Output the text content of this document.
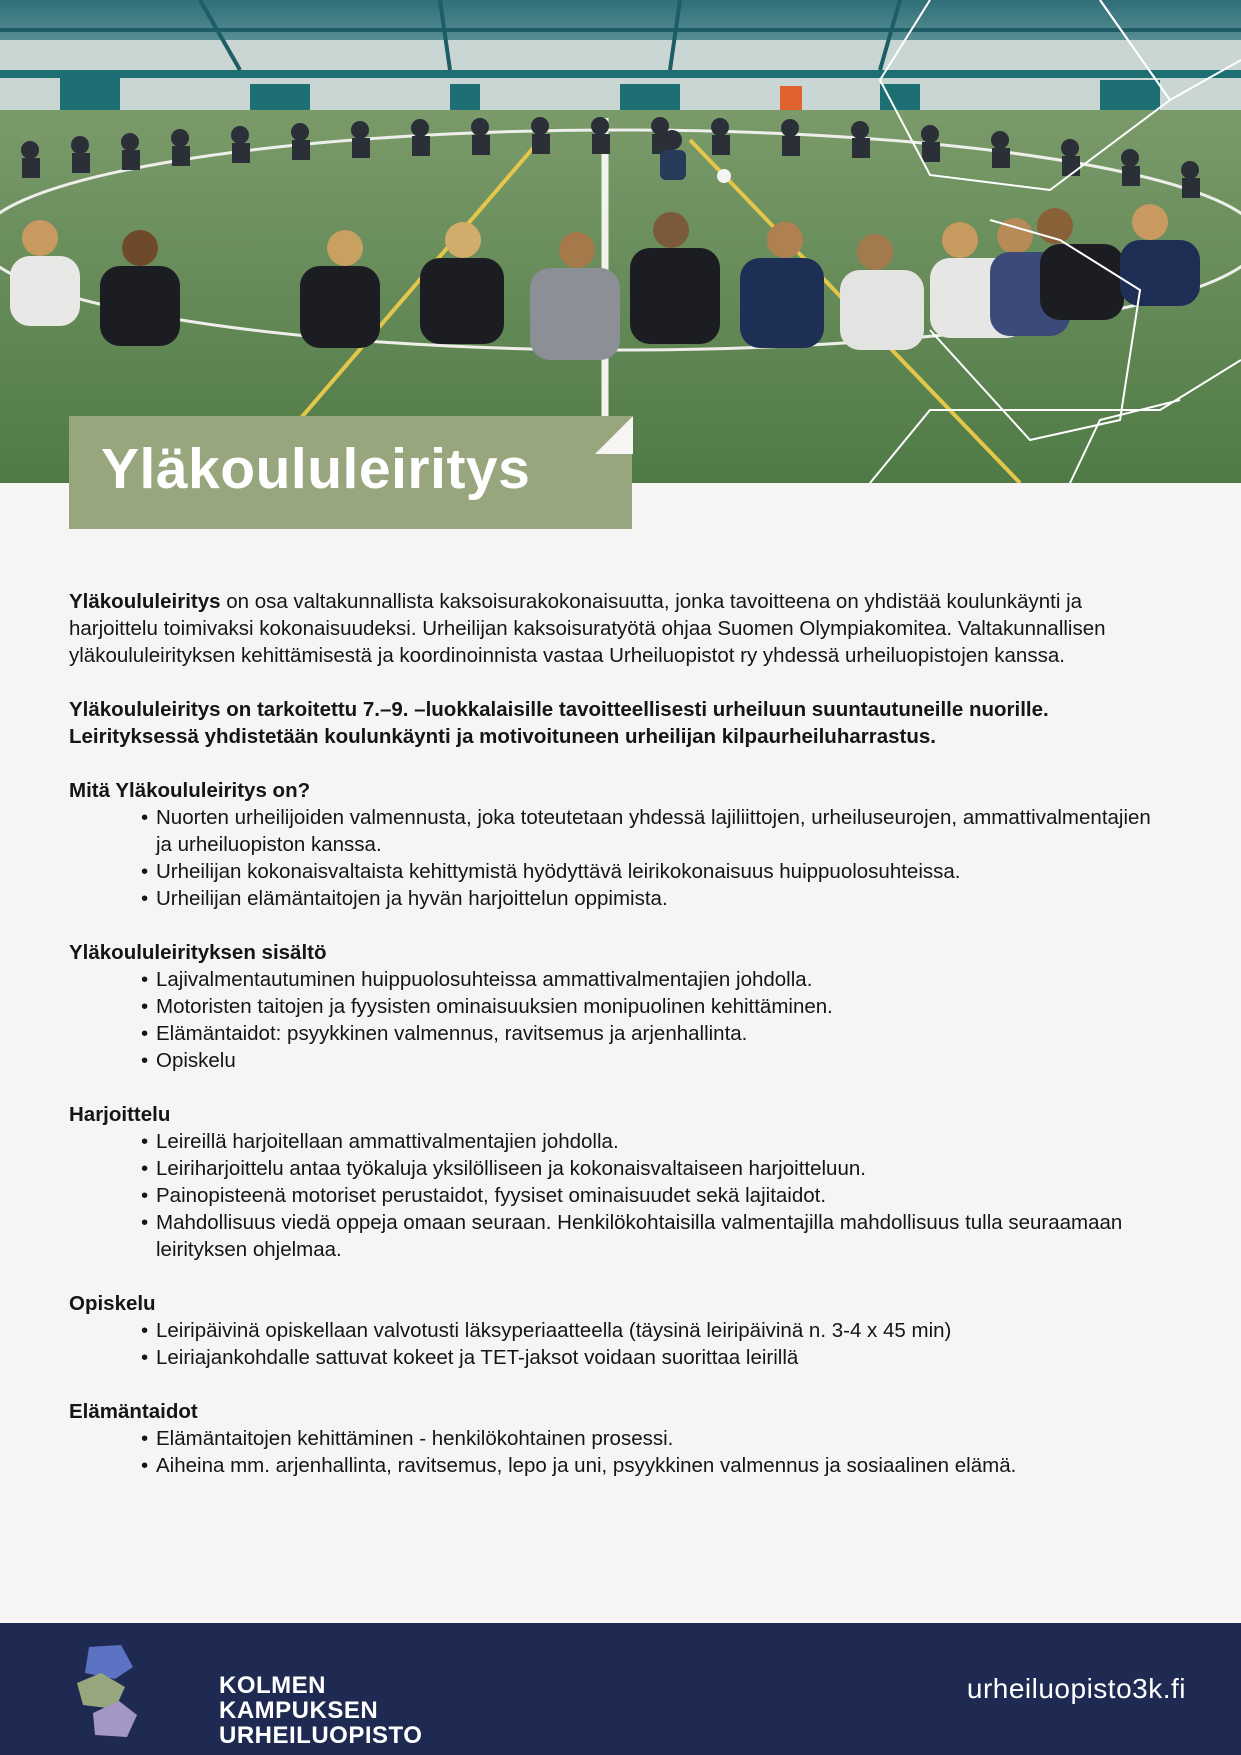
Yläkoululeiritys

Yläkoululeiritys on osa valtakunnallista kaksoisurakokonaisuutta, jonka tavoitteena on yhdistää koulunkäynti ja harjoittelu toimivaksi kokonaisuudeksi. Urheilijan kaksoisuratyötä ohjaa Suomen Olympiakomitea. Valtakunnallisen yläkoululeirityksen kehittämisestä ja koordinoinnista vastaa Urheiluopistot ry yhdessä urheiluopistojen kanssa.

Yläkoululeiritys on tarkoitettu 7.–9. –luokkalaisille tavoitteellisesti urheiluun suuntautuneille nuorille. Leirityksessä yhdistetään koulunkäynti ja motivoituneen urheilijan kilpaurheiluharrastus.

Mitä Yläkoululeiritys on?
• Nuorten urheilijoiden valmennusta, joka toteutetaan yhdessä lajiliittojen, urheiluseurojen, ammattivalmentajien ja urheiluopiston kanssa.
• Urheilijan kokonaisvaltaista kehittymistä hyödyttävä leirikokonaisuus huippuolosuhteissa.
• Urheilijan elämäntaitojen ja hyvän harjoittelun oppimista.
Yläkoululeirityksen sisältö
• Lajivalmentautuminen huippuolosuhteissa ammattivalmentajien johdolla.
• Motoristen taitojen ja fyysisten ominaisuuksien monipuolinen kehittäminen.
• Elämäntaidot: psyykkinen valmennus, ravitsemus ja arjenhallinta.
• Opiskelu
Harjoittelu
• Leireillä harjoitellaan ammattivalmentajien johdolla.
• Leiriharjoittelu antaa työkaluja yksilölliseen ja kokonaisvaltaiseen harjoitteluun.
• Painopisteenä motoriset perustaidot, fyysiset ominaisuudet sekä lajitaidot.
• Mahdollisuus viedä oppeja omaan seuraan. Henkilökohtaisilla valmentajilla mahdollisuus tulla seuraamaan leirityksen ohjelmaa.
Opiskelu
• Leiripäivinä opiskellaan valvotusti läksyperiaatteella (täysinä leiripäivinä n. 3-4 x 45 min)
• Leiriajankohdalle sattuvat kokeet ja TET-jaksot voidaan suorittaa leirillä
Elämäntaidot
• Elämäntaitojen kehittäminen - henkilökohtainen prosessi.
• Aiheina mm. arjenhallinta, ravitsemus, lepo ja uni, psyykkinen valmennus ja sosiaalinen elämä.
KOLMEN
KAMPUKSEN
URHEILUOPISTO
urheiluopisto3k.fi
